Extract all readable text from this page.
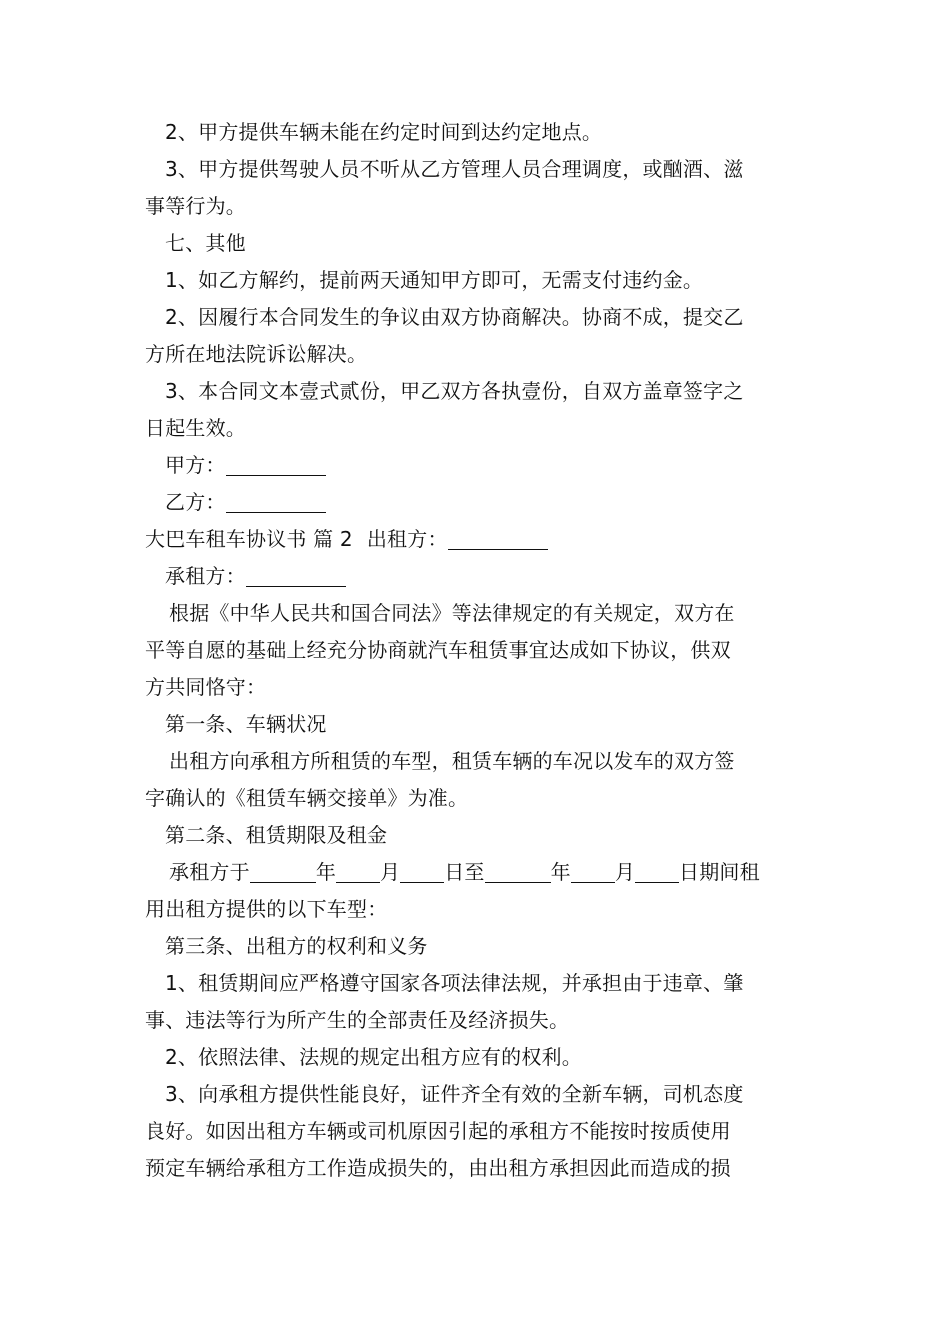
2、甲方提供车辆未能在约定时间到达约定地点。
3、甲方提供驾驶人员不听从乙方管理人员合理调度，或酗酒、滋
事等行为。
七、其他
1、如乙方解约，提前两天通知甲方即可，无需支付违约金。
2、因履行本合同发生的争议由双方协商解决。协商不成，提交乙
方所在地法院诉讼解决。
3、本合同文本壹式贰份，甲乙双方各执壹份，自双方盖章签字之
日起生效。
甲方：
乙方：
大巴车租车协议书 篇 2 出租方：
承租方：
根据《中华人民共和国合同法》等法律规定的有关规定，双方在
平等自愿的基础上经充分协商就汽车租赁事宜达成如下协议，供双
方共同恪守：
第一条、车辆状况
出租方向承租方所租赁的车型，租赁车辆的车况以发车的双方签
字确认的《租赁车辆交接单》为准。
第二条、租赁期限及租金
承租方于	年 月 日至	年 月 日期间租
用出租方提供的以下车型：
第三条、出租方的权利和义务
1、租赁期间应严格遵守国家各项法律法规，并承担由于违章、肇
事、违法等行为所产生的全部责任及经济损失。
2、依照法律、法规的规定出租方应有的权利。
3、向承租方提供性能良好，证件齐全有效的全新车辆，司机态度
良好。如因出租方车辆或司机原因引起的承租方不能按时按质使用
预定车辆给承租方工作造成损失的，由出租方承担因此而造成的损
